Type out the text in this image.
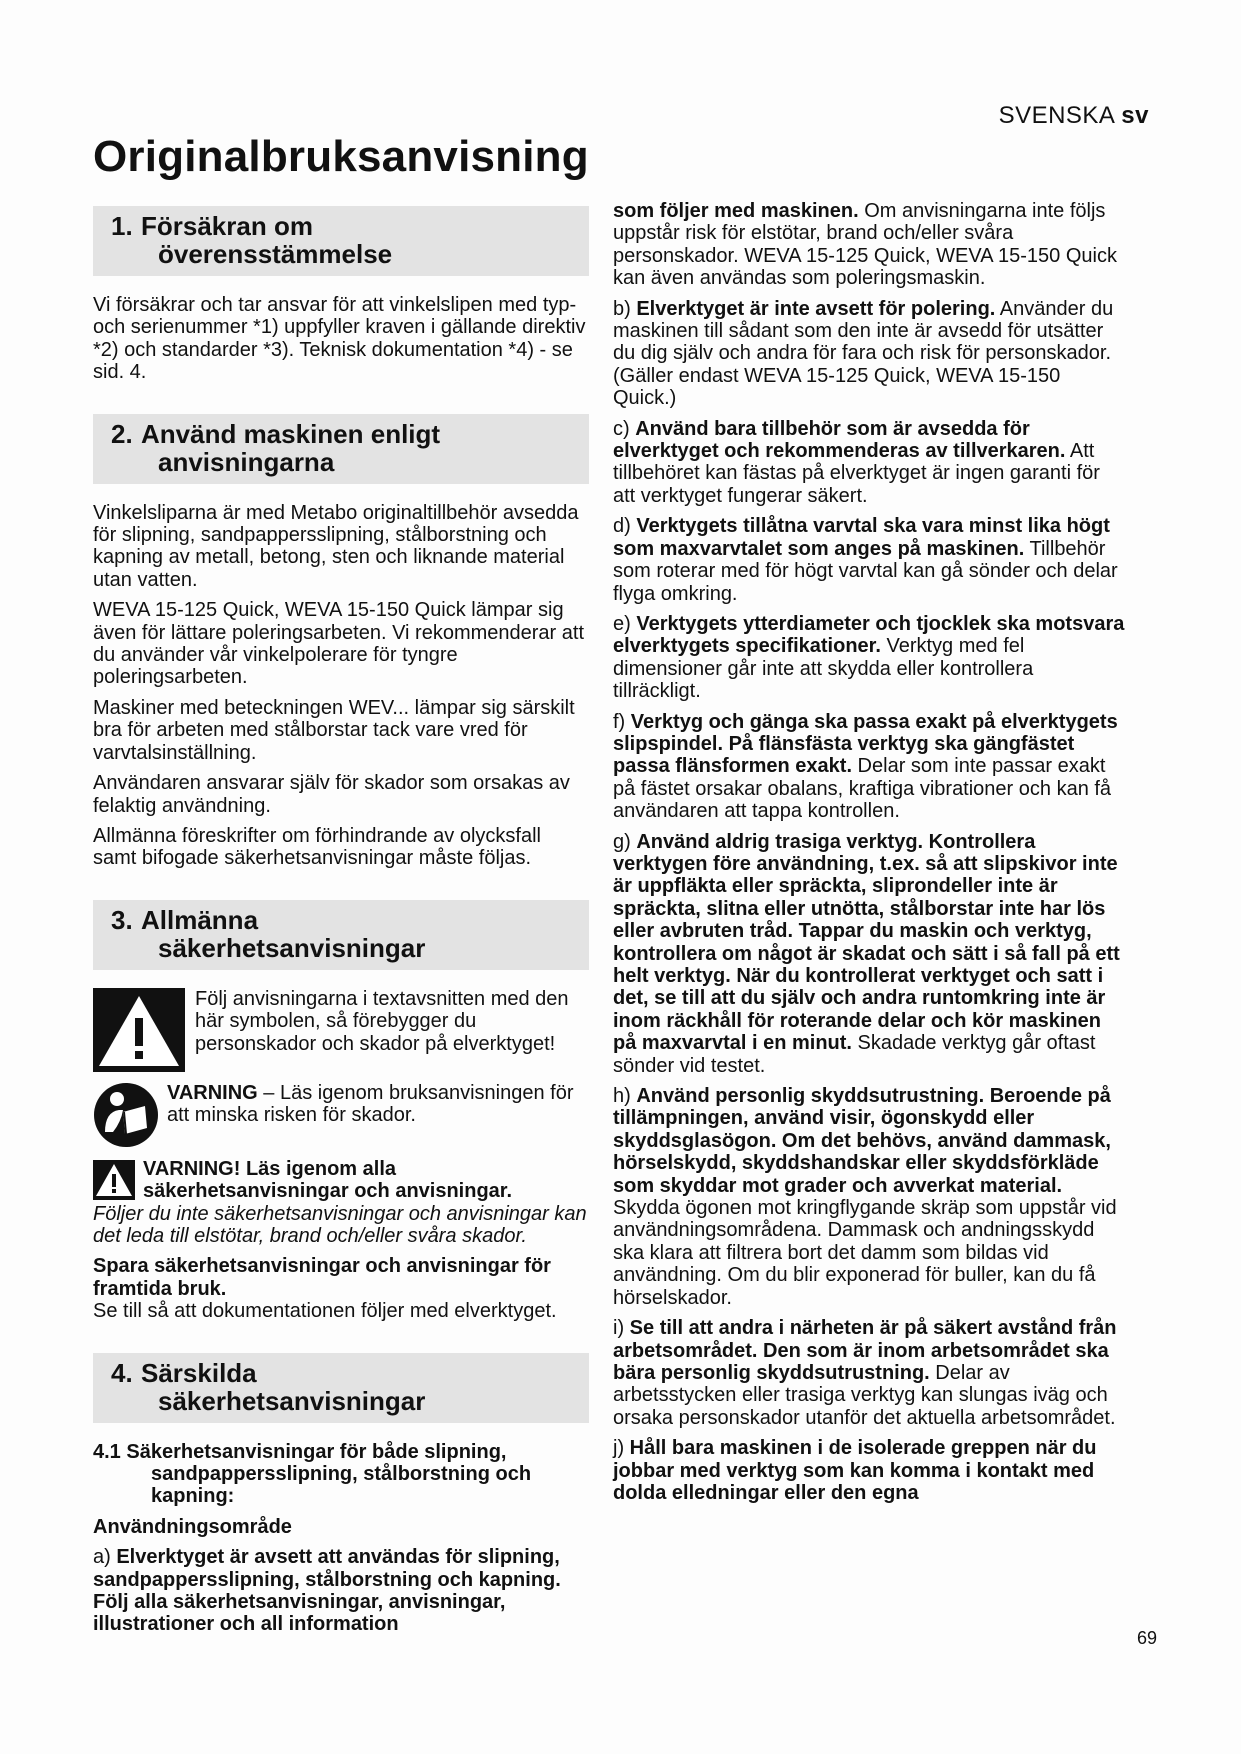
SVENSKA sv
Originalbruksanvisning
1. Försäkran om
överensstämmelse

Vi försäkrar och tar ansvar för att vinkelslipen med typ- och serienummer *1) uppfyller kraven i gällande direktiv *2) och standarder *3). Teknisk dokumentation *4) - se sid. 4.

2. Använd maskinen enligt
anvisningarna

Vinkelsliparna är med Metabo originaltillbehör avsedda för slipning, sandpappersslipning, stålborstning och kapning av metall, betong, sten och liknande material utan vatten.

WEVA 15-125 Quick, WEVA 15-150 Quick lämpar sig även för lättare poleringsarbeten. Vi rekommenderar att du använder vår vinkelpolerare för tyngre poleringsarbeten.

Maskiner med beteckningen WEV... lämpar sig särskilt bra för arbeten med stålborstar tack vare vred för varvtalsinställning.

Användaren ansvarar själv för skador som orsakas av felaktig användning.

Allmänna föreskrifter om förhindrande av olycksfall samt bifogade säkerhetsanvisningar måste följas.

3. Allmänna
säkerhetsanvisningar
Följ anvisningarna i textavsnitten med den här symbolen, så förebygger du personskador och skador på elverktyget!
VARNING – Läs igenom bruksanvisningen för att minska risken för skador.
VARNING! Läs igenom alla säkerhetsanvisningar och anvisningar.

Följer du inte säkerhetsanvisningar och anvisningar kan det leda till elstötar, brand och/eller svåra skador.

Spara säkerhetsanvisningar och anvisningar för framtida bruk.

Se till så att dokumentationen följer med elverktyget.

4. Särskilda
säkerhetsanvisningar
4.1 Säkerhetsanvisningar för både slipning,
sandpappersslipning, stålborstning och kapning:

Användningsområde

a) Elverktyget är avsett att användas för slipning, sandpappersslipning, stålborstning och kapning. Följ alla säkerhetsanvisningar, anvisningar, illustrationer och all information

som följer med maskinen. Om anvisningarna inte följs uppstår risk för elstötar, brand och/eller svåra personskador. WEVA 15-125 Quick, WEVA 15-150 Quick kan även användas som poleringsmaskin.

b) Elverktyget är inte avsett för polering. Använder du maskinen till sådant som den inte är avsedd för utsätter du dig själv och andra för fara och risk för personskador. (Gäller endast WEVA 15-125 Quick, WEVA 15-150 Quick.)

c) Använd bara tillbehör som är avsedda för elverktyget och rekommenderas av tillverkaren. Att tillbehöret kan fästas på elverktyget är ingen garanti för att verktyget fungerar säkert.

d) Verktygets tillåtna varvtal ska vara minst lika högt som maxvarvtalet som anges på maskinen. Tillbehör som roterar med för högt varvtal kan gå sönder och delar flyga omkring.

e) Verktygets ytterdiameter och tjocklek ska motsvara elverktygets specifikationer. Verktyg med fel dimensioner går inte att skydda eller kontrollera tillräckligt.

f) Verktyg och gänga ska passa exakt på elverktygets slipspindel. På flänsfästa verktyg ska gängfästet passa flänsformen exakt. Delar som inte passar exakt på fästet orsakar obalans, kraftiga vibrationer och kan få användaren att tappa kontrollen.

g) Använd aldrig trasiga verktyg. Kontrollera verktygen före användning, t.ex. så att slipskivor inte är uppfläkta eller spräckta, sliprondeller inte är spräckta, slitna eller utnötta, stålborstar inte har lös eller avbruten tråd. Tappar du maskin och verktyg, kontrollera om något är skadat och sätt i så fall på ett helt verktyg. När du kontrollerat verktyget och satt i det, se till att du själv och andra runtomkring inte är inom räckhåll för roterande delar och kör maskinen på maxvarvtal i en minut. Skadade verktyg går oftast sönder vid testet.

h) Använd personlig skyddsutrustning. Beroende på tillämpningen, använd visir, ögonskydd eller skyddsglasögon. Om det behövs, använd dammask, hörselskydd, skyddshandskar eller skyddsförkläde som skyddar mot grader och avverkat material. Skydda ögonen mot kringflygande skräp som uppstår vid användningsområdena. Dammask och andningsskydd ska klara att filtrera bort det damm som bildas vid användning. Om du blir exponerad för buller, kan du få hörselskador.

i) Se till att andra i närheten är på säkert avstånd från arbetsområdet. Den som är inom arbetsområdet ska bära personlig skyddsutrustning. Delar av arbetsstycken eller trasiga verktyg kan slungas iväg och orsaka personskador utanför det aktuella arbetsområdet.

j) Håll bara maskinen i de isolerade greppen när du jobbar med verktyg som kan komma i kontakt med dolda elledningar eller den egna

69
